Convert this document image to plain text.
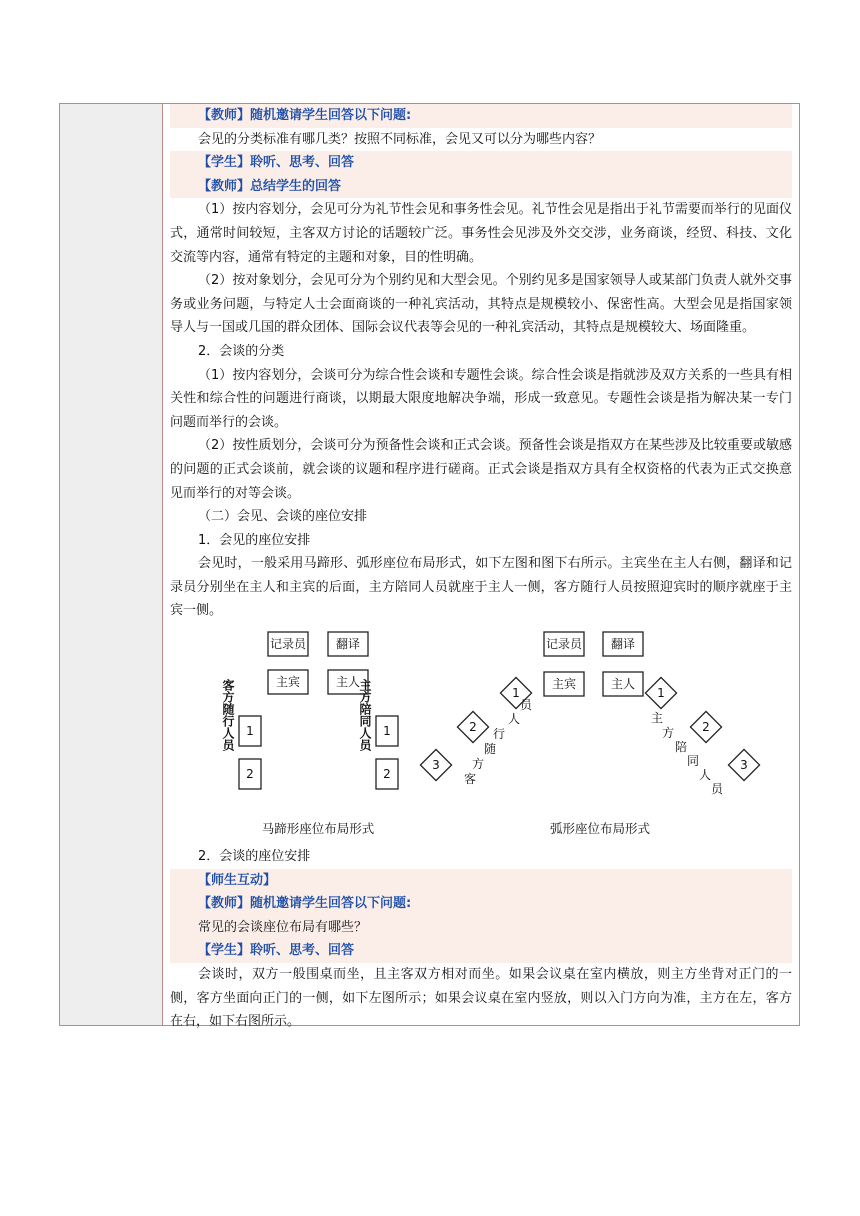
【教师】随机邀请学生回答以下问题:

会见的分类标准有哪几类？按照不同标准，会见又可以分为哪些内容？

【学生】聆听、思考、回答
【教师】总结学生的回答

（1）按内容划分，会见可分为礼节性会见和事务性会见。礼节性会见是指出于礼节需要而举行的见面仪式，通常时间较短，主客双方讨论的话题较广泛。事务性会见涉及外交交涉，业务商谈，经贸、科技、文化交流等内容，通常有特定的主题和对象，目的性明确。

（2）按对象划分，会见可分为个别约见和大型会见。个别约见多是国家领导人或某部门负责人就外交事务或业务问题，与特定人士会面商谈的一种礼宾活动，其特点是规模较小、保密性高。大型会见是指国家领导人与一国或几国的群众团体、国际会议代表等会见的一种礼宾活动，其特点是规模较大、场面隆重。

2．会谈的分类

（1）按内容划分，会谈可分为综合性会谈和专题性会谈。综合性会谈是指就涉及双方关系的一些具有相关性和综合性的问题进行商谈，以期最大限度地解决争端，形成一致意见。专题性会谈是指为解决某一专门问题而举行的会谈。

（2）按性质划分，会谈可分为预备性会谈和正式会谈。预备性会谈是指双方在某些涉及比较重要或敏感的问题的正式会谈前，就会谈的议题和程序进行磋商。正式会谈是指双方具有全权资格的代表为正式交换意见而举行的对等会谈。

（二）会见、会谈的座位安排

1．会见的座位安排

会见时，一般采用马蹄形、弧形座位布局形式，如下左图和图下右所示。主宾坐在主人右侧，翻译和记录员分别坐在主人和主宾的后面，主方陪同人员就座于主人一侧，客方随行人员按照迎宾时的顺序就座于主宾一侧。

记录员 翻译
主宾	主人
1
2
1
2
客方随行人员	主方陪同人员
记录员 翻译
主宾	主人
1
2
3
1
2
3
客
方
随
行
人
员
主
方
陪
同
人
员
马蹄形座位布局形式	弧形座位布局形式

2．会谈的座位安排

【师生互动】
【教师】随机邀请学生回答以下问题:

常见的会谈座位布局有哪些？

【学生】聆听、思考、回答

会谈时，双方一般围桌而坐，且主客双方相对而坐。如果会议桌在室内横放，则主方坐背对正门的一侧，客方坐面向正门的一侧，如下左图所示；如果会议桌在室内竖放，则以入门方向为准，主方在左，客方在右，如下右图所示。
